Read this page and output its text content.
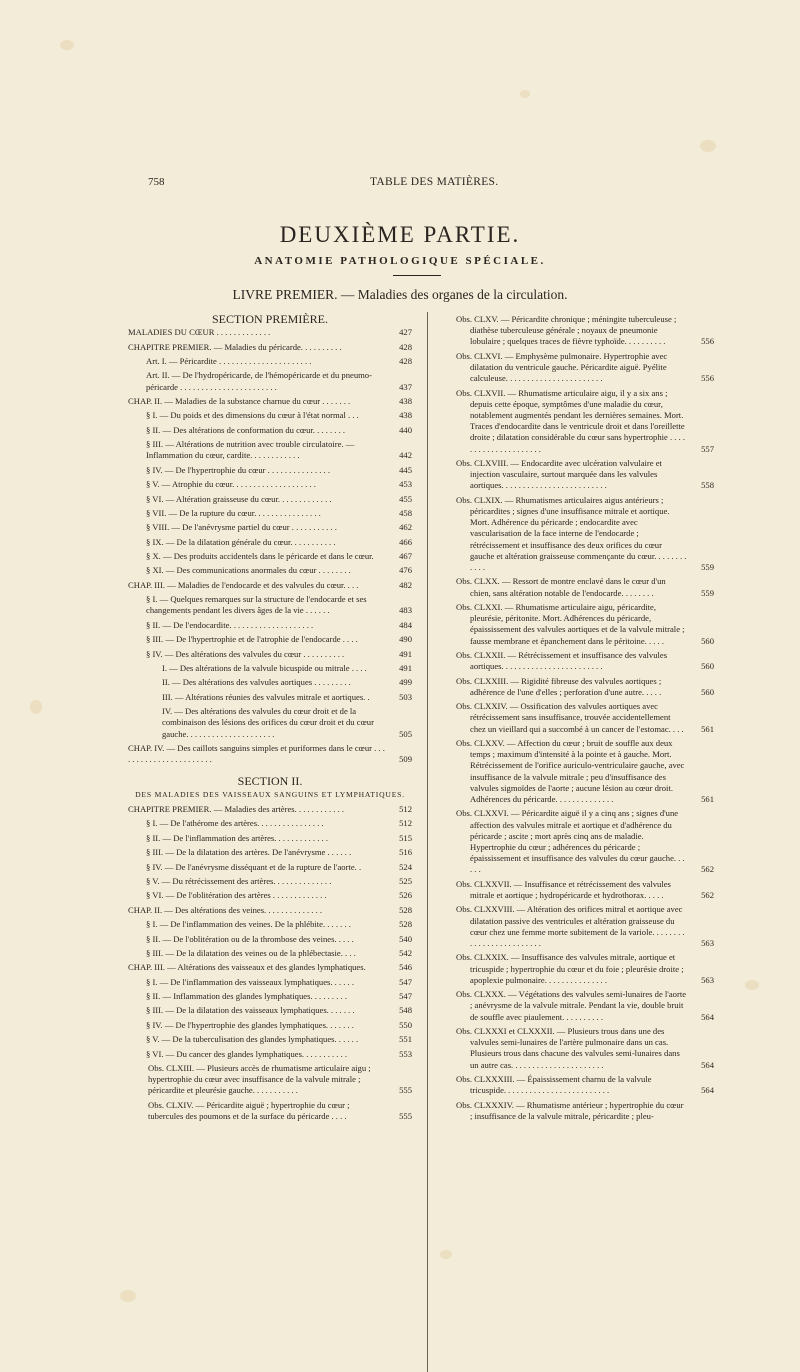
758	TABLE DES MATIÈRES.
DEUXIÈME PARTIE.
ANATOMIE PATHOLOGIQUE SPÉCIALE.
LIVRE PREMIER. — Maladies des organes de la circulation.
SECTION PREMIÈRE.
MALADIES DU CŒUR . . . . . . . . . . . . .	427
CHAPITRE PREMIER. — Maladies du péricarde. . . . . . . . . .	428
Art. I. — Péricardite . . . . . . . . . . . . . . . . . . . . . .	428
Art. II. — De l'hydropéricarde, de l'hémopéricarde et du pneumo-péricarde . . . . . . . . . . . . . . . . . . . . . . .	437
CHAP. II. — Maladies de la substance charnue du cœur . . . . . . .	438
§ I. — Du poids et des dimensions du cœur à l'état normal . . .	438
§ II. — Des altérations de conformation du cœur. . . . . . . .	440
§ III. — Altérations de nutrition avec trouble circulatoire. — Inflammation du cœur, cardite. . . . . . . . . . . .	442
§ IV. — De l'hypertrophie du cœur . . . . . . . . . . . . . . .	445
§ V. — Atrophie du cœur. . . . . . . . . . . . . . . . . . . .	453
§ VI. — Altération graisseuse du cœur. . . . . . . . . . . . .	455
§ VII. — De la rupture du cœur. . . . . . . . . . . . . . . .	458
§ VIII. — De l'anévrysme partiel du cœur . . . . . . . . . . .	462
§ IX. — De la dilatation générale du cœur. . . . . . . . . . .	466
§ X. — Des produits accidentels dans le péricarde et dans le cœur.	467
§ XI. — Des communications anormales du cœur . . . . . . . .	476
CHAP. III. — Maladies de l'endocarde et des valvules du cœur. . . .	482
§ I. — Quelques remarques sur la structure de l'endocarde et ses changements pendant les divers âges de la vie . . . . . .	483
§ II. — De l'endocardite. . . . . . . . . . . . . . . . . . . .	484
§ III. — De l'hypertrophie et de l'atrophie de l'endocarde . . . .	490
§ IV. — Des altérations des valvules du cœur . . . . . . . . . .	491
I. — Des altérations de la valvule bicuspide ou mitrale . . . .	491
II. — Des altérations des valvules aortiques . . . . . . . . .	499
III. — Altérations réunies des valvules mitrale et aortiques. .	503
IV. — Des altérations des valvules du cœur droit et de la combinaison des lésions des orifices du cœur droit et du cœur gauche. . . . . . . . . . . . . . . . . . . . .	505
CHAP. IV. — Des caillots sanguins simples et puriformes dans le cœur . . . . . . . . . . . . . . . . . . . . . . .	509
SECTION II.
DES MALADIES DES VAISSEAUX SANGUINS ET LYMPHATIQUES.
CHAPITRE PREMIER. — Maladies des artères. . . . . . . . . . . .	512
§ I. — De l'athérome des artères. . . . . . . . . . . . . . . .	512
§ II. — De l'inflammation des artères. . . . . . . . . . . . .	515
§ III. — De la dilatation des artères. De l'anévrysme . . . . . .	516
§ IV. — De l'anévrysme disséquant et de la rupture de l'aorte. .	524
§ V. — Du rétrécissement des artères. . . . . . . . . . . . . .	525
§ VI. — De l'oblitération des artères . . . . . . . . . . . . .	526
CHAP. II. — Des altérations des veines. . . . . . . . . . . . . .	528
§ I. — De l'inflammation des veines. De la phlébite. . . . . . .	528
§ II. — De l'oblitération ou de la thrombose des veines. . . . .	540
§ III. — De la dilatation des veines ou de la phlébectasie. . . .	542
CHAP. III. — Altérations des vaisseaux et des glandes lymphatiques.	546
§ I. — De l'inflammation des vaisseaux lymphatiques. . . . . .	547
§ II. — Inflammation des glandes lymphatiques. . . . . . . . .	547
§ III. — De la dilatation des vaisseaux lymphatiques. . . . . . .	548
§ IV. — De l'hypertrophie des glandes lymphatiques. . . . . . .	550
§ V. — De la tuberculisation des glandes lymphatiques. . . . . .	551
§ VI. — Du cancer des glandes lymphatiques. . . . . . . . . . .	553
Obs. CLXIII. — Plusieurs accès de rhumatisme articulaire aigu ; hypertrophie du cœur avec insuffisance de la valvule mitrale ; péricardite et pleurésie gauche. . . . . . . . . . .	555
Obs. CLXIV. — Péricardite aiguë ; hypertrophie du cœur ; tubercules des poumons et de la surface du péricarde . . . .	555
Obs. CLXV. — Péricardite chronique ; méningite tuberculeuse ; diathèse tuberculeuse générale ; noyaux de pneumonie lobulaire ; quelques traces de fièvre typhoïde. . . . . . . . . .	556
Obs. CLXVI. — Emphysème pulmonaire. Hypertrophie avec dilatation du ventricule gauche. Péricardite aiguë. Pyélite calculeuse. . . . . . . . . . . . . . . . . . . . . . .	556
Obs. CLXVII. — Rhumatisme articulaire aigu, il y a six ans ; depuis cette époque, symptômes d'une maladie du cœur, notablement augmentés pendant les dernières semaines. Mort. Traces d'endocardite dans le ventricule droit et dans l'oreillette droite ; dilatation considérable du cœur sans hypertrophie . . . . . . . . . . . . . . . . . . . . .	557
Obs. CLXVIII. — Endocardite avec ulcération valvulaire et injection vasculaire, surtout marquée dans les valvules aortiques. . . . . . . . . . . . . . . . . . . . . . . . .	558
Obs. CLXIX. — Rhumatismes articulaires aigus antérieurs ; péricardites ; signes d'une insuffisance mitrale et aortique. Mort. Adhérence du péricarde ; endocardite avec vascularisation de la face interne de l'endocarde ; rétrécissement et insuffisance des deux orifices du cœur gauche et altération graisseuse commençante du cœur. . . . . . . . . . . .	559
Obs. CLXX. — Ressort de montre enclavé dans le cœur d'un chien, sans altération notable de l'endocarde. . . . . . . .	559
Obs. CLXXI. — Rhumatisme articulaire aigu, péricardite, pleurésie, péritonite. Mort. Adhérences du péricarde, épaississement des valvules aortiques et de la valvule mitrale ; fausse membrane et épanchement dans le péritoine. . . . .	560
Obs. CLXXII. — Rétrécissement et insuffisance des valvules aortiques. . . . . . . . . . . . . . . . . . . . . . . .	560
Obs. CLXXIII. — Rigidité fibreuse des valvules aortiques ; adhérence de l'une d'elles ; perforation d'une autre. . . . .	560
Obs. CLXXIV. — Ossification des valvules aortiques avec rétrécissement sans insuffisance, trouvée accidentellement chez un vieillard qui a succombé à un cancer de l'estomac. . . .	561
Obs. CLXXV. — Affection du cœur ; bruit de souffle aux deux temps ; maximum d'intensité à la pointe et à gauche. Mort. Rétrécissement de l'orifice auriculo-ventriculaire gauche, avec insuffisance de la valvule mitrale ; peu d'insuffisance des valvules sigmoïdes de l'aorte ; aucune lésion au cœur droit. Adhérences du péricarde. . . . . . . . . . . . . .	561
Obs. CLXXVI. — Péricardite aiguë il y a cinq ans ; signes d'une affection des valvules mitrale et aortique et d'adhérence du péricarde ; ascite ; mort après cinq ans de maladie. Hypertrophie du cœur ; adhérences du péricarde ; épaississement et insuffisance des valvules du cœur gauche. . . . . .	562
Obs. CLXXVII. — Insuffisance et rétrécissement des valvules mitrale et aortique ; hydropéricarde et hydrothorax. . . . .	562
Obs. CLXXVIII. — Altération des orifices mitral et aortique avec dilatation passive des ventricules et altération graisseuse du cœur chez une femme morte subitement de la variole. . . . . . . . . . . . . . . . . . . . . . . . .	563
Obs. CLXXIX. — Insuffisance des valvules mitrale, aortique et tricuspide ; hypertrophie du cœur et du foie ; pleurésie droite ; apoplexie pulmonaire. . . . . . . . . . . . . . .	563
Obs. CLXXX. — Végétations des valvules semi-lunaires de l'aorte ; anévrysme de la valvule mitrale. Pendant la vie, double bruit de souffle avec piaulement. . . . . . . . . .	564
Obs. CLXXXI et CLXXXII. — Plusieurs trous dans une des valvules semi-lunaires de l'artère pulmonaire dans un cas. Plusieurs trous dans chacune des valvules semi-lunaires dans un autre cas. . . . . . . . . . . . . . . . . . . . . .	564
Obs. CLXXXIII. — Épaississement charnu de la valvule tricuspide. . . . . . . . . . . . . . . . . . . . . . . . .	564
Obs. CLXXXIV. — Rhumatisme antérieur ; hypertrophie du cœur ; insuffisance de la valvule mitrale, péricardite ; pleu-
